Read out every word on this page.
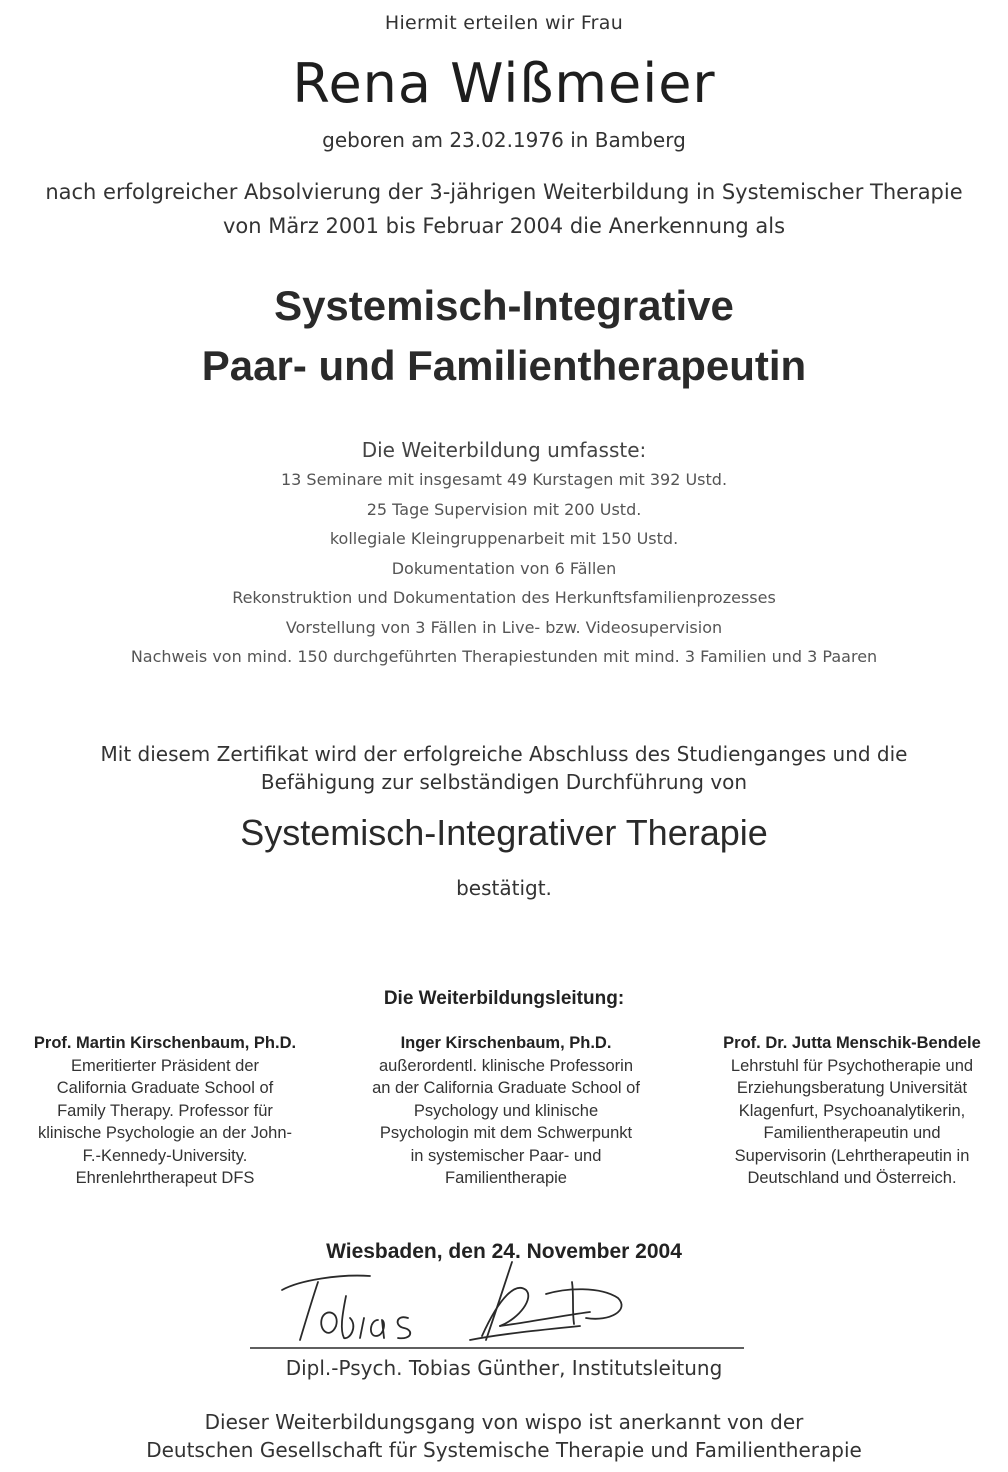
Hiermit erteilen wir Frau
Rena Wißmeier
geboren am 23.02.1976 in Bamberg
nach erfolgreicher Absolvierung der 3-jährigen Weiterbildung in Systemischer Therapie
von März 2001 bis Februar 2004 die Anerkennung als
Systemisch-Integrative
Paar- und Familientherapeutin
Die Weiterbildung umfasste:
13 Seminare mit insgesamt 49 Kurstagen mit 392 Ustd.
25 Tage Supervision mit 200 Ustd.
kollegiale Kleingruppenarbeit mit 150 Ustd.
Dokumentation von 6 Fällen
Rekonstruktion und Dokumentation des Herkunftsfamilienprozesses
Vorstellung von 3 Fällen in Live- bzw. Videosupervision
Nachweis von mind. 150 durchgeführten Therapiestunden mit mind. 3 Familien und 3 Paaren
Mit diesem Zertifikat wird der erfolgreiche Abschluss des Studienganges und die
Befähigung zur selbständigen Durchführung von
Systemisch-Integrativer Therapie
bestätigt.
Die Weiterbildungsleitung:
Prof. Martin Kirschenbaum, Ph.D.
Emeritierter Präsident der
California Graduate School of
Family Therapy. Professor für
klinische Psychologie an der John-
F.-Kennedy-University.
Ehrenlehrtherapeut DFS
Inger Kirschenbaum, Ph.D.
außerordentl. klinische Professorin
an der California Graduate School of
Psychology und klinische
Psychologin mit dem Schwerpunkt
in systemischer Paar- und
Familientherapie
Prof. Dr. Jutta Menschik-Bendele
Lehrstuhl für Psychotherapie und
Erziehungsberatung Universität
Klagenfurt, Psychoanalytikerin,
Familientherapeutin und
Supervisorin (Lehrtherapeutin in
Deutschland und Österreich.
Wiesbaden, den 24. November 2004
Dipl.-Psych. Tobias Günther, Institutsleitung
Dieser Weiterbildungsgang von wispo ist anerkannt von der
Deutschen Gesellschaft für Systemische Therapie und Familientherapie
